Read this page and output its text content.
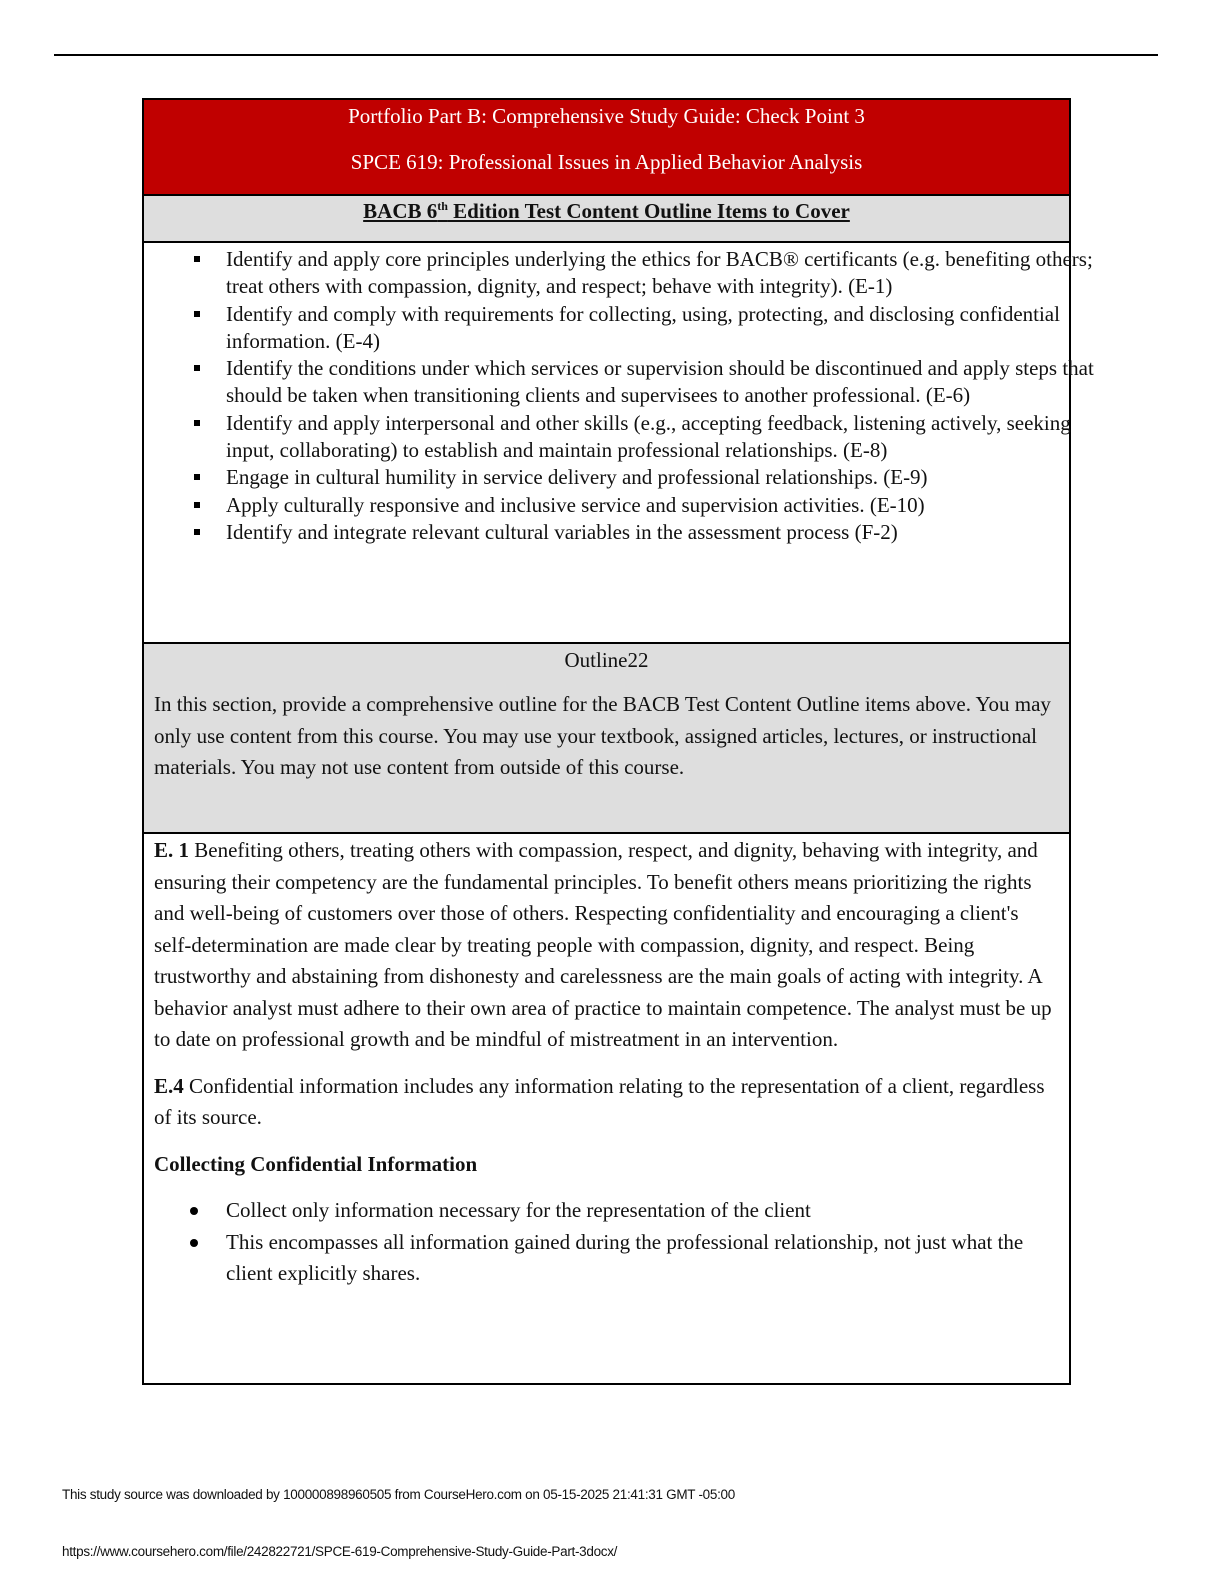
Portfolio Part B: Comprehensive Study Guide: Check Point 3
SPCE 619: Professional Issues in Applied Behavior Analysis
BACB 6th Edition Test Content Outline Items to Cover
Identify and apply core principles underlying the ethics for BACB® certificants (e.g. benefiting others; treat others with compassion, dignity, and respect; behave with integrity). (E-1)
Identify and comply with requirements for collecting, using, protecting, and disclosing confidential information. (E-4)
Identify the conditions under which services or supervision should be discontinued and apply steps that should be taken when transitioning clients and supervisees to another professional. (E-6)
Identify and apply interpersonal and other skills (e.g., accepting feedback, listening actively, seeking input, collaborating) to establish and maintain professional relationships. (E-8)
Engage in cultural humility in service delivery and professional relationships. (E-9)
Apply culturally responsive and inclusive service and supervision activities. (E-10)
Identify and integrate relevant cultural variables in the assessment process (F-2)
Outline22

In this section, provide a comprehensive outline for the BACB Test Content Outline items above. You may only use content from this course. You may use your textbook, assigned articles, lectures, or instructional materials. You may not use content from outside of this course.

E. 1 Benefiting others, treating others with compassion, respect, and dignity, behaving with integrity, and ensuring their competency are the fundamental principles. To benefit others means prioritizing the rights and well-being of customers over those of others. Respecting confidentiality and encouraging a client's self-determination are made clear by treating people with compassion, dignity, and respect. Being trustworthy and abstaining from dishonesty and carelessness are the main goals of acting with integrity. A behavior analyst must adhere to their own area of practice to maintain competence. The analyst must be up to date on professional growth and be mindful of mistreatment in an intervention.

E.4 Confidential information includes any information relating to the representation of a client, regardless of its source.

Collecting Confidential Information

Collect only information necessary for the representation of the client
This encompasses all information gained during the professional relationship, not just what the client explicitly shares.
This study source was downloaded by 100000898960505 from CourseHero.com on 05-15-2025 21:41:31 GMT -05:00
https://www.coursehero.com/file/242822721/SPCE-619-Comprehensive-Study-Guide-Part-3docx/
